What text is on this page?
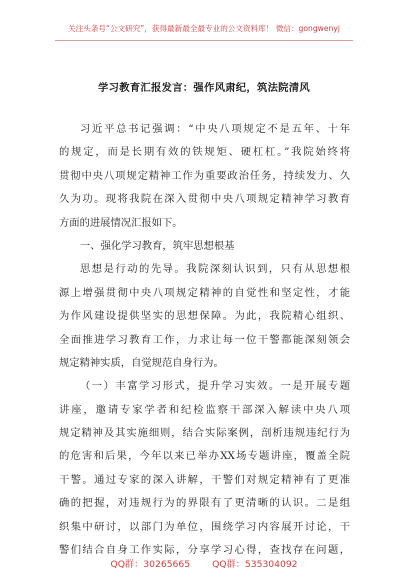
关注头条号“公文研究”，获得最新最全最专业的公文资料库！ 微信：gongwenyj
学习教育汇报发言：强作风肃纪，筑法院清风
习近平总书记强调：“中央八项规定不是五年、十年
的规定，而是长期有效的铁规矩、硬杠杠。”我院始终将
贯彻中央八项规定精神工作为重要政治任务，持续发力、久
久为功。现将我院在深入贯彻中央八项规定精神学习教育
方面的进展情况汇报如下。
一、强化学习教育，筑牢思想根基
思想是行动的先导。我院深刻认识到，只有从思想根
源上增强贯彻中央八项规定精神的自觉性和坚定性，才能
为作风建设提供坚实的思想保障。为此，我院精心组织、
全面推进学习教育工作，力求让每一位干警都能深刻领会
规定精神实质，自觉规范自身行为。
（一）丰富学习形式，提升学习实效。一是开展专题
讲座，邀请专家学者和纪检监察干部深入解读中央八项
规定精神及其实施细则，结合实际案例，剖析违规违纪行为
的危害和后果，今年以来已举办XX场专题讲座，覆盖全院
干警。通过专家的深入讲解，干警们对规定精神有了更准
确的把握，对违规行为的界限有了更清晰的认识。二是组
织集中研讨，以部门为单位，围绕学习内容展开讨论，干
警们结合自身工作实际，分享学习心得，查找存在问题，
QQ群：30265665 QQ群：535304092
